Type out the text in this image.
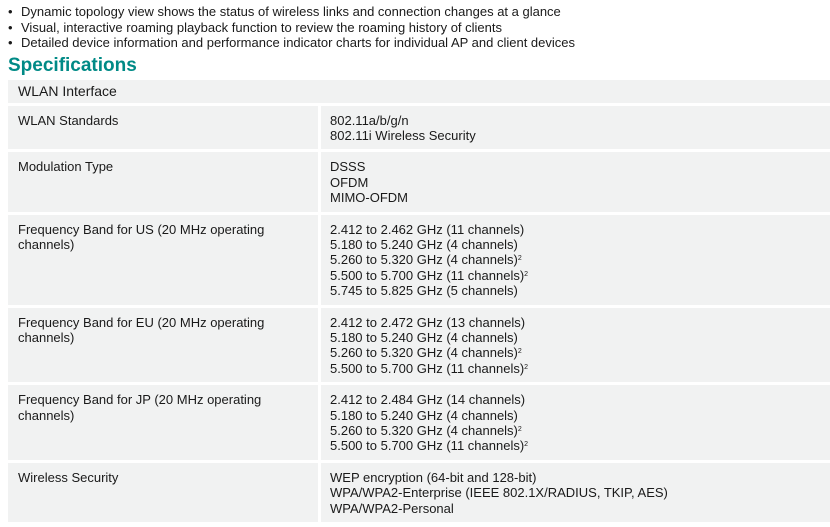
• Dynamic topology view shows the status of wireless links and connection changes at a glance
• Visual, interactive roaming playback function to review the roaming history of clients
• Detailed device information and performance indicator charts for individual AP and client devices
Specifications
WLAN Interface
WLAN Standards	802.11a/b/g/n
802.11i Wireless Security

Modulation Type	DSSS
OFDM
MIMO-OFDM

Frequency Band for US (20 MHz operating channels)	2.412 to 2.462 GHz (11 channels)
5.180 to 5.240 GHz (4 channels)
5.260 to 5.320 GHz (4 channels)$^2$
5.500 to 5.700 GHz (11 channels)$^2$
5.745 to 5.825 GHz (5 channels)

Frequency Band for EU (20 MHz operating channels)	2.412 to 2.472 GHz (13 channels)
5.180 to 5.240 GHz (4 channels)
5.260 to 5.320 GHz (4 channels)$^2$
5.500 to 5.700 GHz (11 channels)$^2$

Frequency Band for JP (20 MHz operating channels)	2.412 to 2.484 GHz (14 channels)
5.180 to 5.240 GHz (4 channels)
5.260 to 5.320 GHz (4 channels)$^2$
5.500 to 5.700 GHz (11 channels)$^2$

Wireless Security	WEP encryption (64-bit and 128-bit)
WPA/WPA2-Enterprise (IEEE 802.1X/RADIUS, TKIP, AES)
WPA/WPA2-Personal
